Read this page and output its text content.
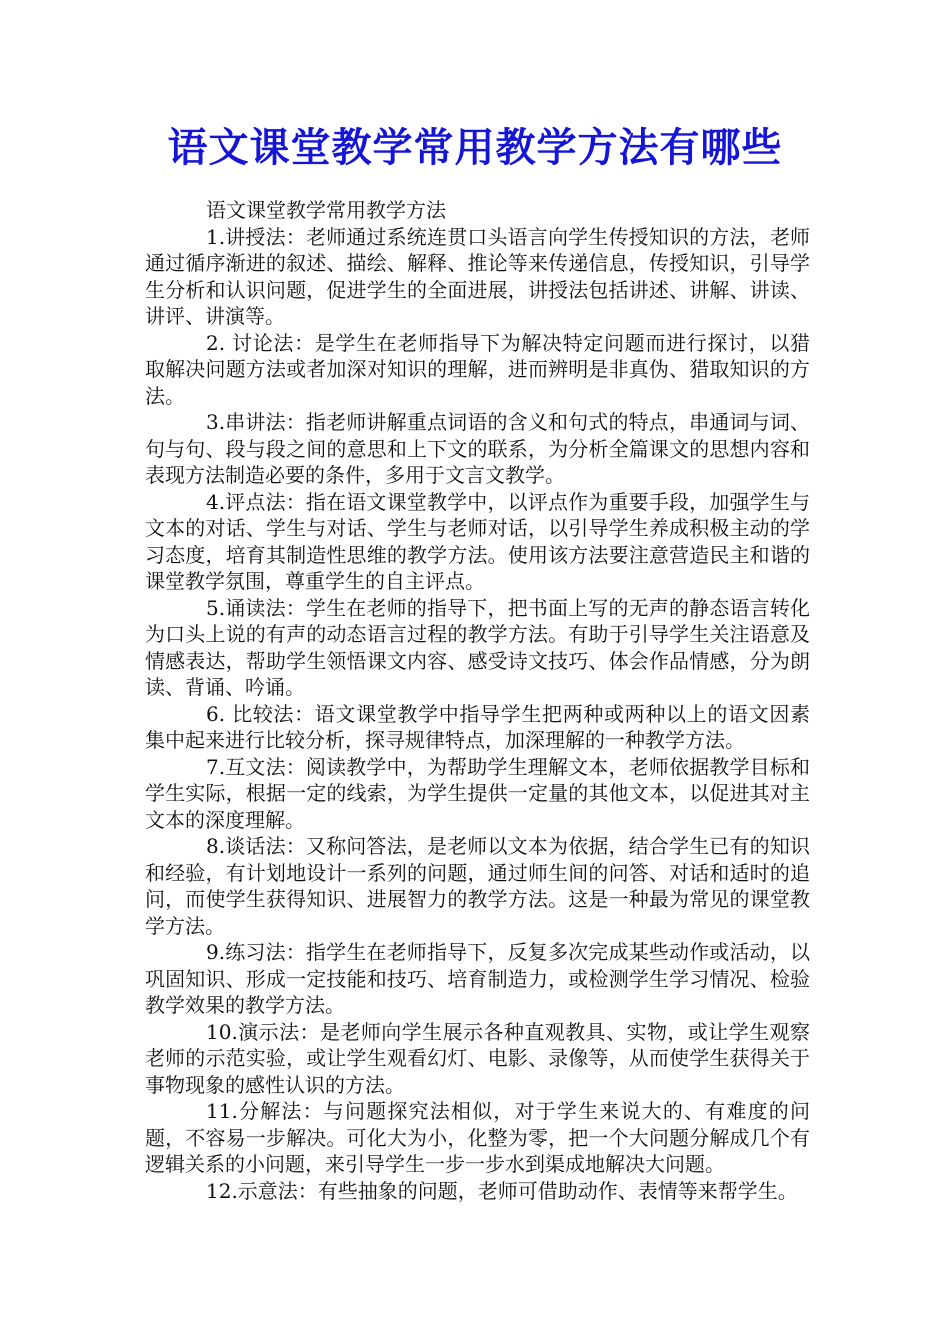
语文课堂教学常用教学方法有哪些

语文课堂教学常用教学方法

1.讲授法：老师通过系统连贯口头语言向学生传授知识的方法，老师通过循序渐进的叙述、描绘、解释、推论等来传递信息，传授知识，引导学生分析和认识问题，促进学生的全面进展，讲授法包括讲述、讲解、讲读、讲评、讲演等。

2. 讨论法：是学生在老师指导下为解决特定问题而进行探讨，以猎取解决问题方法或者加深对知识的理解，进而辨明是非真伪、猎取知识的方法。

3.串讲法：指老师讲解重点词语的含义和句式的特点，串通词与词、句与句、段与段之间的意思和上下文的联系，为分析全篇课文的思想内容和表现方法制造必要的条件，多用于文言文教学。

4.评点法：指在语文课堂教学中，以评点作为重要手段，加强学生与文本的对话、学生与对话、学生与老师对话，以引导学生养成积极主动的学习态度，培育其制造性思维的教学方法。使用该方法要注意营造民主和谐的课堂教学氛围，尊重学生的自主评点。

5.诵读法：学生在老师的指导下，把书面上写的无声的静态语言转化为口头上说的有声的动态语言过程的教学方法。有助于引导学生关注语意及情感表达，帮助学生领悟课文内容、感受诗文技巧、体会作品情感，分为朗读、背诵、吟诵。

6. 比较法：语文课堂教学中指导学生把两种或两种以上的语文因素集中起来进行比较分析，探寻规律特点，加深理解的一种教学方法。

7.互文法：阅读教学中，为帮助学生理解文本，老师依据教学目标和学生实际，根据一定的线索，为学生提供一定量的其他文本，以促进其对主文本的深度理解。

8.谈话法：又称问答法，是老师以文本为依据，结合学生已有的知识和经验，有计划地设计一系列的问题，通过师生间的问答、对话和适时的追问，而使学生获得知识、进展智力的教学方法。这是一种最为常见的课堂教学方法。

9.练习法：指学生在老师指导下，反复多次完成某些动作或活动，以巩固知识、形成一定技能和技巧、培育制造力，或检测学生学习情况、检验教学效果的教学方法。

10.演示法：是老师向学生展示各种直观教具、实物，或让学生观察老师的示范实验，或让学生观看幻灯、电影、录像等，从而使学生获得关于事物现象的感性认识的方法。

11.分解法：与问题探究法相似，对于学生来说大的、有难度的问题，不容易一步解决。可化大为小，化整为零，把一个大问题分解成几个有逻辑关系的小问题，来引导学生一步一步水到渠成地解决大问题。

12.示意法：有些抽象的问题，老师可借助动作、表情等来帮学生。
